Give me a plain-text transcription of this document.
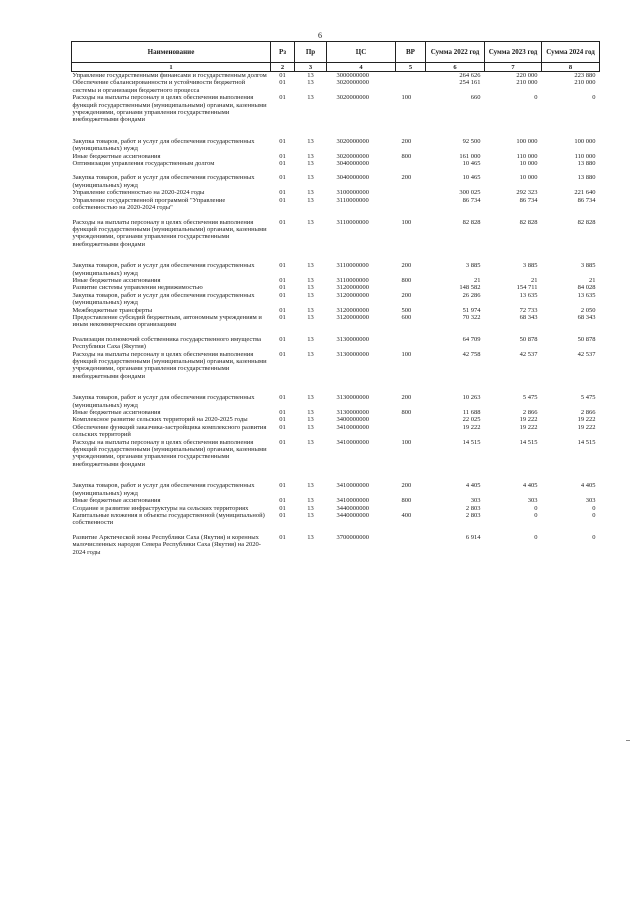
6
Наименование	Рз	Пр	ЦС	ВР	Сумма 2022 год	Сумма 2023 год	Сумма 2024 год
1	2	3	4	5	6	7	8
Управление государственными финансами и государственным долгом	01	13	3000000000		264 626	220 000	223 880
Обеспечение сбалансированности и устойчивости бюджетной системы и организация бюджетного процесса	01	13	3020000000		254 161	210 000	210 000
Расходы на выплаты персоналу в целях обеспечения выполнения функций государственными (муниципальными) органами, казенными учреждениями, органами управления государственными внебюджетными фондами	01	13	3020000000	100	660	0	0

Закупка товаров, работ и услуг для обеспечения государственных (муниципальных) нужд	01	13	3020000000	200	92 500	100 000	100 000
Иные бюджетные ассигнования	01	13	3020000000	800	161 000	110 000	110 000
Оптимизация управления государственным долгом	01	13	3040000000		10 465	10 000	13 880

Закупка товаров, работ и услуг для обеспечения государственных (муниципальных) нужд	01	13	3040000000	200	10 465	10 000	13 880
Управление собственностью на 2020-2024 годы	01	13	3100000000		300 025	292 323	221 640
Управление государственной программой "Управление собственностью на 2020-2024 годы"	01	13	3110000000		86 734	86 734	86 734

Расходы на выплаты персоналу в целях обеспечения выполнения функций государственными (муниципальными) органами, казенными учреждениями, органами управления государственными внебюджетными фондами	01	13	3110000000	100	82 828	82 828	82 828

Закупка товаров, работ и услуг для обеспечения государственных (муниципальных) нужд	01	13	3110000000	200	3 885	3 885	3 885
Иные бюджетные ассигнования	01	13	3110000000	800	21	21	21
Развитие системы управления недвижимостью	01	13	3120000000		148 582	154 711	84 028
Закупка товаров, работ и услуг для обеспечения государственных (муниципальных) нужд	01	13	3120000000	200	26 286	13 635	13 635
Межбюджетные трансферты	01	13	3120000000	500	51 974	72 733	2 050
Предоставление субсидий бюджетным, автономным учреждениям и иным некоммерческим организациям	01	13	3120000000	600	70 322	68 343	68 343

Реализация полномочий собственника государственного имущества Республики Саха (Якутия)	01	13	3130000000		64 709	50 878	50 878
Расходы на выплаты персоналу в целях обеспечения выполнения функций государственными (муниципальными) органами, казенными учреждениями, органами управления государственными внебюджетными фондами	01	13	3130000000	100	42 758	42 537	42 537

Закупка товаров, работ и услуг для обеспечения государственных (муниципальных) нужд	01	13	3130000000	200	10 263	5 475	5 475
Иные бюджетные ассигнования	01	13	3130000000	800	11 688	2 866	2 866
Комплексное развитие сельских территорий на 2020-2025 годы	01	13	3400000000		22 025	19 222	19 222
Обеспечение функций заказчика-застройщика комплексного развития сельских территорий	01	13	3410000000		19 222	19 222	19 222
Расходы на выплаты персоналу в целях обеспечения выполнения функций государственными (муниципальными) органами, казенными учреждениями, органами управления государственными внебюджетными фондами	01	13	3410000000	100	14 515	14 515	14 515

Закупка товаров, работ и услуг для обеспечения государственных (муниципальных) нужд	01	13	3410000000	200	4 405	4 405	4 405
Иные бюджетные ассигнования	01	13	3410000000	800	303	303	303
Создание и развитие инфраструктуры на сельских территориях	01	13	3440000000		2 803	0	0
Капитальные вложения в объекты государственной (муниципальной) собственности	01	13	3440000000	400	2 803	0	0

Развитие Арктической зоны Республики Саха (Якутия) и коренных малочисленных народов Севера Республики Саха (Якутия) на 2020-2024 годы	01	13	3700000000		6 914	0	0
